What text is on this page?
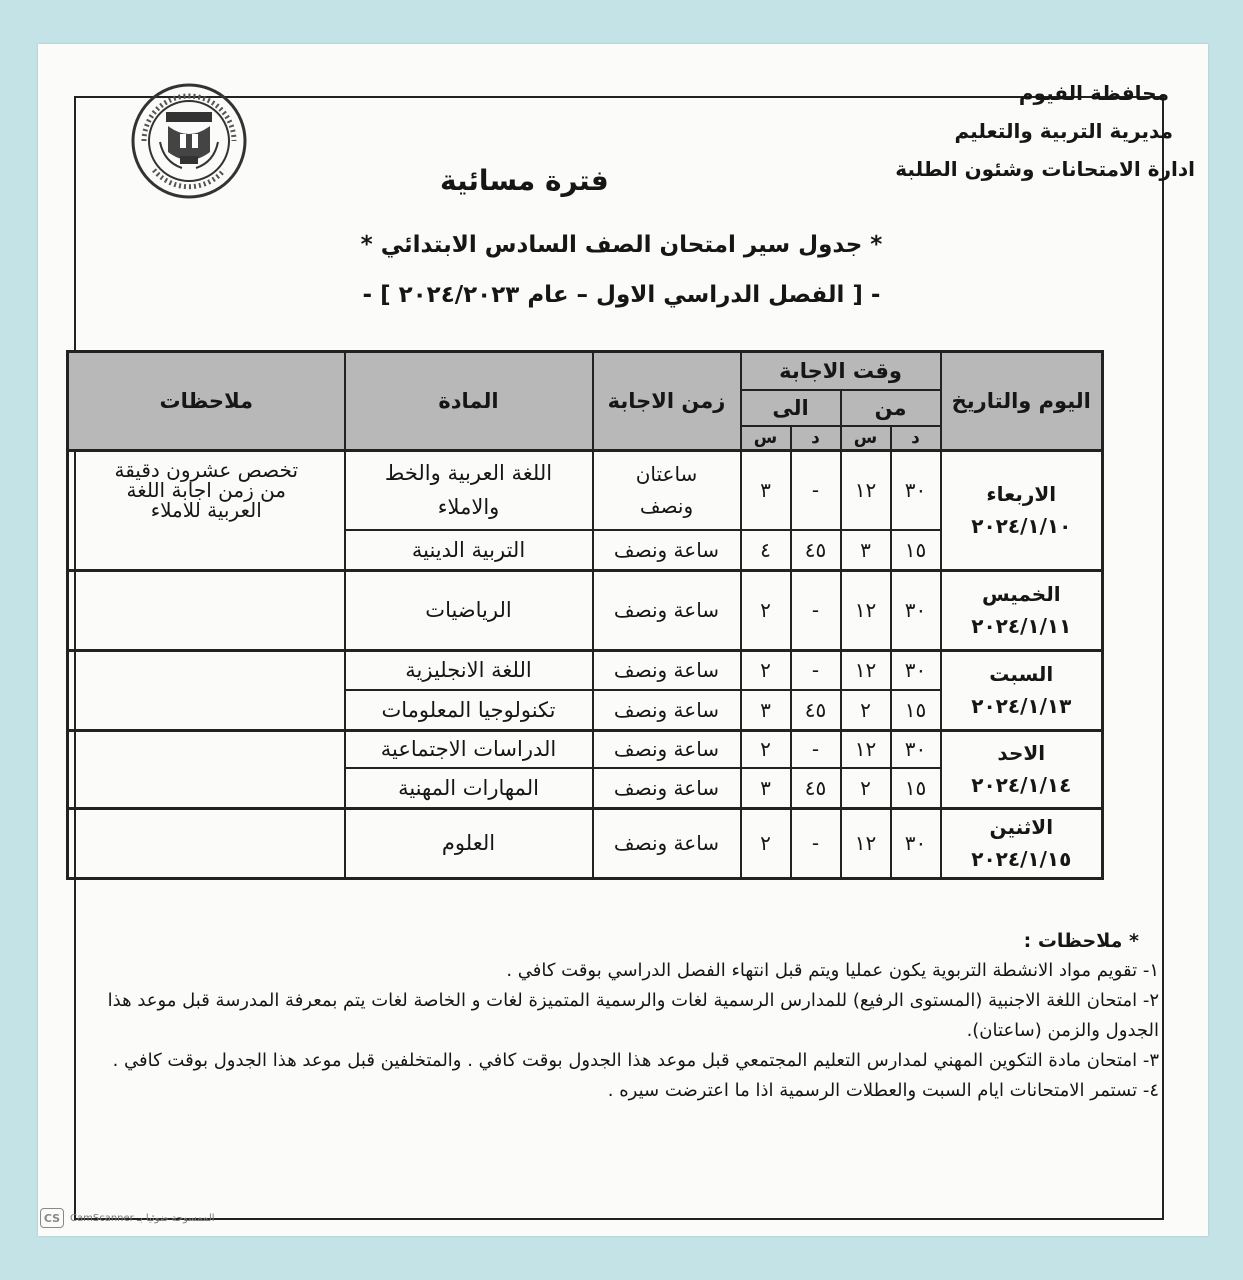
محافظة الفيوم
مديرية التربية والتعليم
ادارة الامتحانات وشئون الطلبة
فترة مسائية
* جدول سير امتحان الصف السادس الابتدائي *
- [ الفصل الدراسي الاول – عام ٢٠٢٤/٢٠٢٣ ] -
اليوم والتاريخ	وقت الاجابة				زمن الاجابة	المادة	ملاحظات
	من		الى				
	د	س	د	س			

الاربعاء
٢٠٢٤/١/١٠	٣٠	١٢	-	٣	ساعتان ونصف	اللغة العربية والخط والاملاء	تخصص عشرون دقيقة من زمن اجابة اللغة العربية للاملاء
	١٥	٣	٤٥	٤	ساعة ونصف	التربية الدينية	

الخميس
٢٠٢٤/١/١١	٣٠	١٢	-	٢	ساعة ونصف	الرياضيات	

السبت
٢٠٢٤/١/١٣	٣٠	١٢	-	٢	ساعة ونصف	اللغة الانجليزية	
	١٥	٢	٤٥	٣	ساعة ونصف	تكنولوجيا المعلومات	

الاحد
٢٠٢٤/١/١٤	٣٠	١٢	-	٢	ساعة ونصف	الدراسات الاجتماعية	
	١٥	٢	٤٥	٣	ساعة ونصف	المهارات المهنية	

الاثنين
٢٠٢٤/١/١٥	٣٠	١٢	-	٢	ساعة ونصف	العلوم	
* ملاحظات :

١- تقويم مواد الانشطة التربوية يكون عمليا ويتم قبل انتهاء الفصل الدراسي بوقت كافي .

٢- امتحان اللغة الاجنبية (المستوى الرفيع) للمدارس الرسمية لغات والرسمية المتميزة لغات و الخاصة لغات يتم بمعرفة المدرسة قبل موعد هذا الجدول والزمن (ساعتان).

٣- امتحان مادة التكوين المهني لمدارس التعليم المجتمعي قبل موعد هذا الجدول بوقت كافي . والمتخلفين قبل موعد هذا الجدول بوقت كافي .

٤- تستمر الامتحانات ايام السبت والعطلات الرسمية اذا ما اعترضت سيره .

CS الممسوحة ضوئيا بـ CamScanner
